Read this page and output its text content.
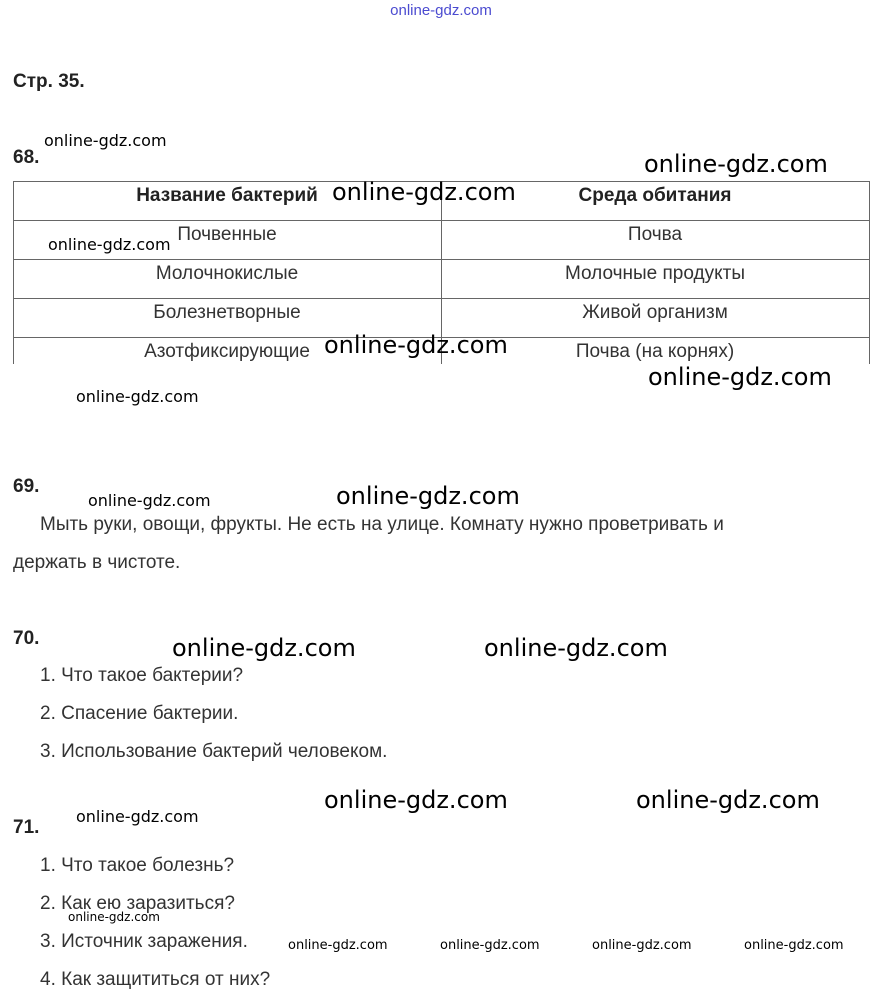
online-gdz.com
Стр. 35.
68.
Название бактерий	Среда обитания
Почвенные	Почва
Молочнокислые	Молочные продукты
Болезнетворные	Живой организм
Азотфиксирующие	Почва (на корнях)
69.
Мыть руки, овощи, фрукты. Не есть на улице. Комнату нужно проветривать и
держать в чистоте.
70.
1. Что такое бактерии?
2. Спасение бактерии.
3. Использование бактерий человеком.
71.
1. Что такое болезнь?
2. Как ею заразиться?
3. Источник заражения.
4. Как защититься от них?
online-gdz.com
online-gdz.com
online-gdz.com
online-gdz.com
online-gdz.com
online-gdz.com
online-gdz.com
online-gdz.com	online-gdz.com
online-gdz.com	online-gdz.com
online-gdz.com	online-gdz.com
online-gdz.com
online-gdz.com
online-gdz.com	online-gdz.com	online-gdz.com	online-gdz.com
